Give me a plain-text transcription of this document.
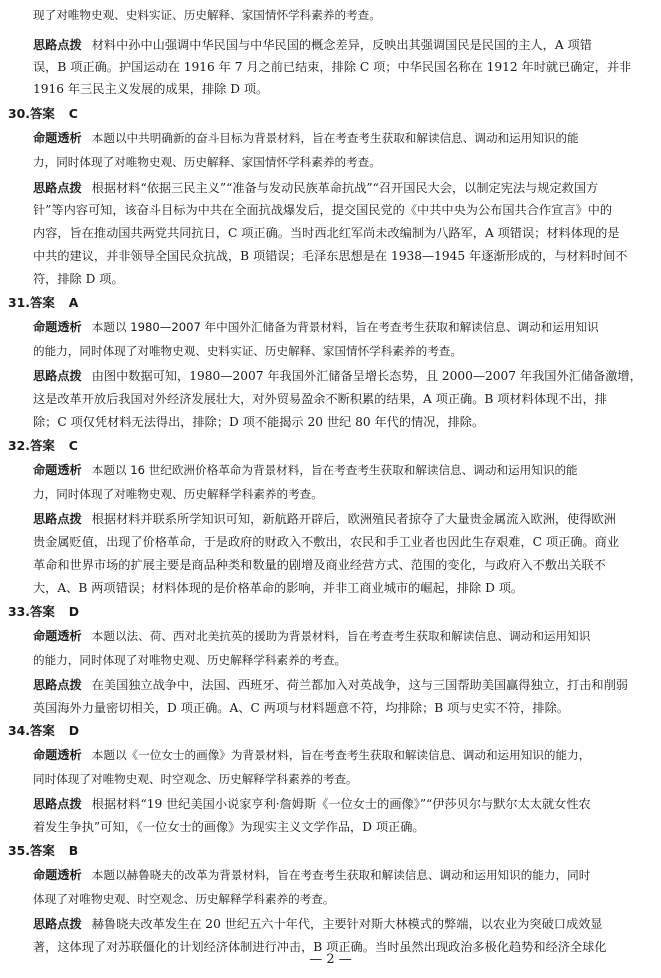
现了对唯物史观、史料实证、历史解释、家国情怀学科素养的考查。
思路点拨 材料中孙中山强调中华民国与中华民国的概念差异，反映出其强调国民是民国的主人，A 项错
误，B 项正确。护国运动在 1916 年 7 月之前已结束，排除 C 项；中华民国名称在 1912 年时就已确定，并非
1916 年三民主义发展的成果，排除 D 项。
30.答案 C
命题透析 本题以中共明确新的奋斗目标为背景材料，旨在考查考生获取和解读信息、调动和运用知识的能
力，同时体现了对唯物史观、历史解释、家国情怀学科素养的考查。
思路点拨 根据材料“依据三民主义”“准备与发动民族革命抗战”“召开国民大会，以制定宪法与规定救国方
针”等内容可知，该奋斗目标为中共在全面抗战爆发后，提交国民党的《中共中央为公布国共合作宣言》中的
内容，旨在推动国共两党共同抗日，C 项正确。当时西北红军尚未改编制为八路军，A 项错误；材料体现的是
中共的建议，并非领导全国民众抗战，B 项错误；毛泽东思想是在 1938—1945 年逐渐形成的，与材料时间不
符，排除 D 项。
31.答案 A
命题透析 本题以 1980—2007 年中国外汇储备为背景材料，旨在考查考生获取和解读信息、调动和运用知识
的能力，同时体现了对唯物史观、史料实证、历史解释、家国情怀学科素养的考查。
思路点拨 由图中数据可知，1980—2007 年我国外汇储备呈增长态势，且 2000—2007 年我国外汇储备激增，
这是改革开放后我国对外经济发展壮大，对外贸易盈余不断积累的结果，A 项正确。B 项材料体现不出，排
除；C 项仅凭材料无法得出，排除；D 项不能揭示 20 世纪 80 年代的情况，排除。
32.答案 C
命题透析 本题以 16 世纪欧洲价格革命为背景材料，旨在考查考生获取和解读信息、调动和运用知识的能
力，同时体现了对唯物史观、历史解释学科素养的考查。
思路点拨 根据材料并联系所学知识可知，新航路开辟后，欧洲殖民者掠夺了大量贵金属流入欧洲，使得欧洲
贵金属贬值，出现了价格革命，于是政府的财政入不敷出，农民和手工业者也因此生存艰难，C 项正确。商业
革命和世界市场的扩展主要是商品种类和数量的剧增及商业经营方式、范围的变化，与政府入不敷出关联不
大，A、B 两项错误；材料体现的是价格革命的影响，并非工商业城市的崛起，排除 D 项。
33.答案 D
命题透析 本题以法、荷、西对北美抗英的援助为背景材料，旨在考查考生获取和解读信息、调动和运用知识
的能力，同时体现了对唯物史观、历史解释学科素养的考查。
思路点拨 在美国独立战争中，法国、西班牙、荷兰都加入对英战争，这与三国帮助美国赢得独立，打击和削弱
英国海外力量密切相关，D 项正确。A、C 两项与材料题意不符，均排除；B 项与史实不符，排除。
34.答案 D
命题透析 本题以《一位女士的画像》为背景材料，旨在考查考生获取和解读信息、调动和运用知识的能力，
同时体现了对唯物史观、时空观念、历史解释学科素养的考查。
思路点拨 根据材料“19 世纪美国小说家亨利·詹姆斯《一位女士的画像》”“伊莎贝尔与默尔太太就女性农
着发生争执”可知，《一位女士的画像》为现实主义文学作品，D 项正确。
35.答案 B
命题透析 本题以赫鲁晓夫的改革为背景材料，旨在考查考生获取和解读信息、调动和运用知识的能力，同时
体现了对唯物史观、时空观念、历史解释学科素养的考查。
思路点拨 赫鲁晓夫改革发生在 20 世纪五六十年代，主要针对斯大林模式的弊端，以农业为突破口成效显
著，这体现了对苏联僵化的计划经济体制进行冲击，B 项正确。当时虽然出现政治多极化趋势和经济全球化
— 2 —
